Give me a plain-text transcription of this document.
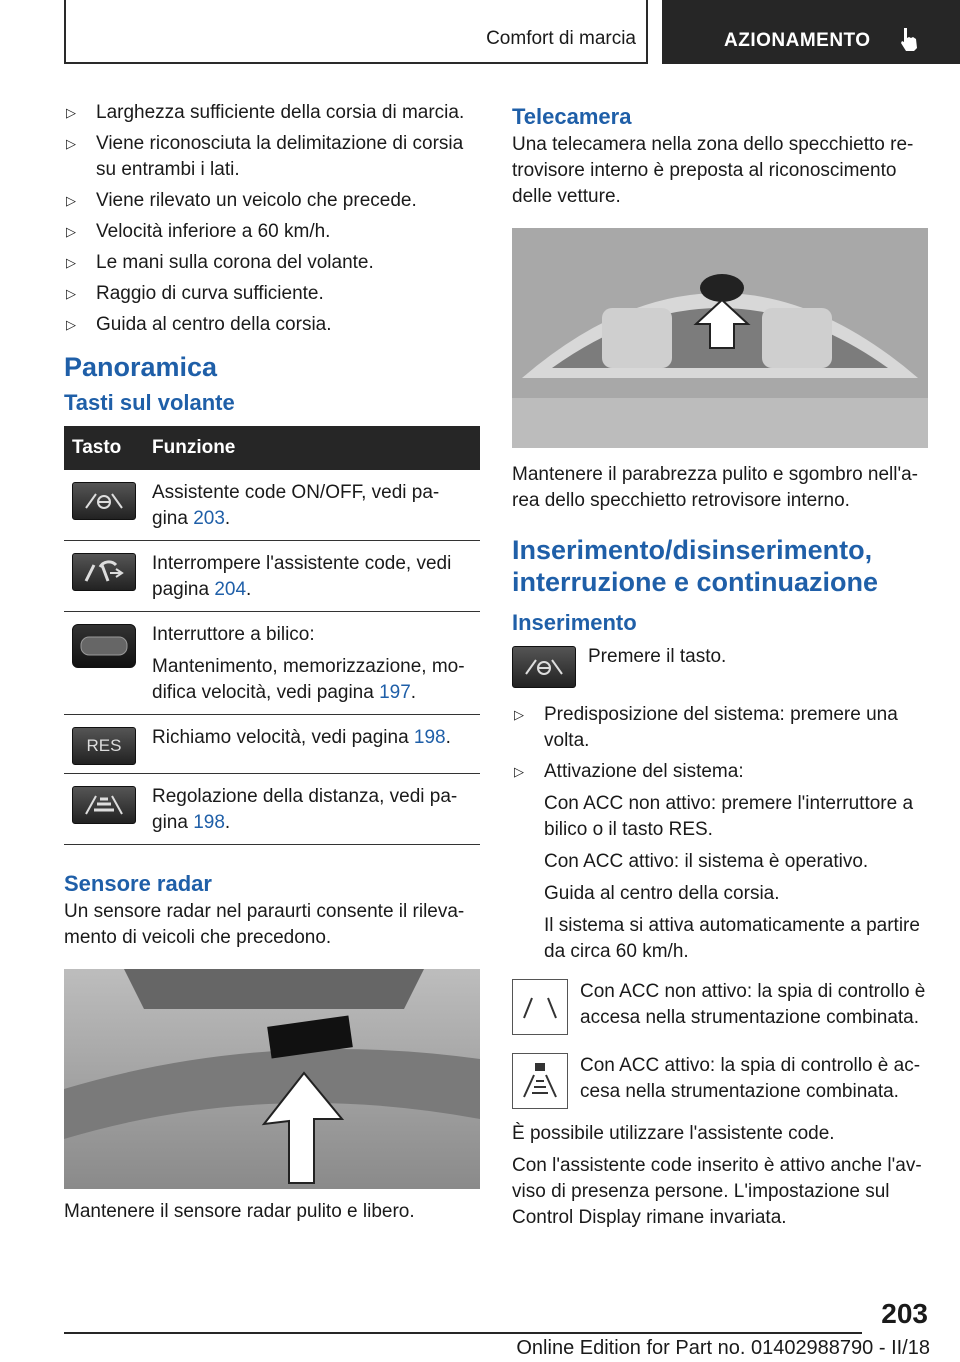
Comfort di marcia	AZIONAMENTO
▷	Larghezza sufficiente della corsia di marcia.
▷	Viene riconosciuta la delimitazione di corsia su entrambi i lati.
▷	Viene rilevato un veicolo che precede.
▷	Velocità inferiore a 60 km/h.
▷	Le mani sulla corona del volante.
▷	Raggio di curva sufficiente.
▷	Guida al centro della corsia.
Panoramica
Tasti sul volante
Tasto	Funzione

	Assistente code ON/OFF, vedi pa-gina 203.

	Interrompere l'assistente code, vedi pagina 204.

Interruttore a bilico:
Mantenimento, memorizzazione, mo-difica velocità, vedi pagina 197.

RES	Richiamo velocità, vedi pagina 198.

	Regolazione della distanza, vedi pa-gina 198.
Sensore radar

Un sensore radar nel paraurti consente il rileva-mento di veicoli che precedono.

Mantenere il sensore radar pulito e libero.

Telecamera

Una telecamera nella zona dello specchietto re-trovisore interno è preposta al riconoscimento delle vetture.

Mantenere il parabrezza pulito e sgombro nell'a-rea dello specchietto retrovisore interno.

Inserimento/disinserimento, interruzione e continuazione
Inserimento
Premere il tasto.
▷	Predisposizione del sistema: premere una volta.
▷	Attivazione del sistema:

Con ACC non attivo: premere l'interruttore a bilico o il tasto RES.

Con ACC attivo: il sistema è operativo.

Guida al centro della corsia.

Il sistema si attiva automaticamente a partire da circa 60 km/h.

Con ACC non attivo: la spia di controllo è accesa nella strumentazione combinata.
Con ACC attivo: la spia di controllo è ac-cesa nella strumentazione combinata.

È possibile utilizzare l'assistente code.

Con l'assistente code inserito è attivo anche l'av-viso di presenza persone. L'impostazione sul Control Display rimane invariata.

203
Online Edition for Part no. 01402988790 - II/18
